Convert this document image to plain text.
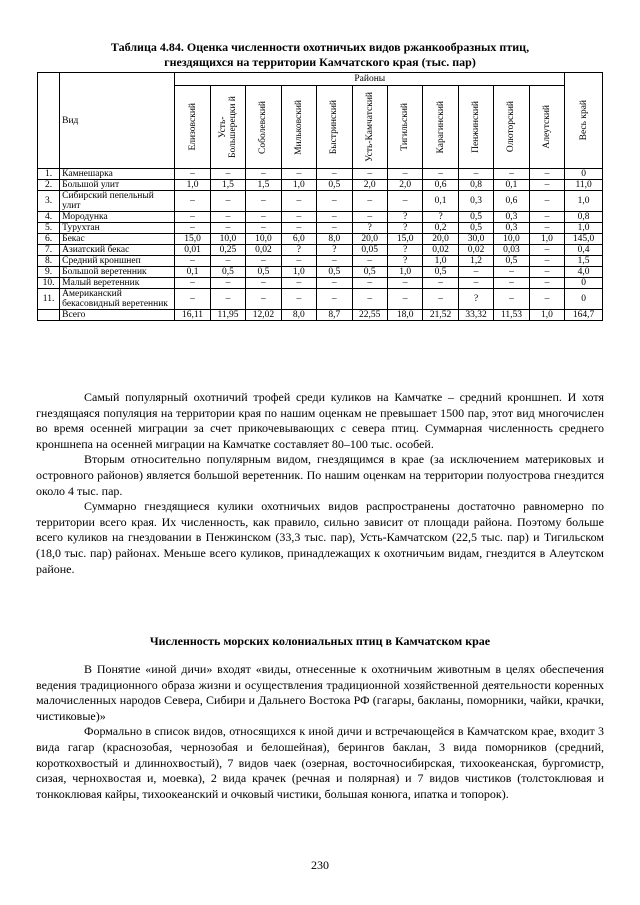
Таблица 4.84. Оценка численности охотничьих видов ржанкообразных птиц,
гнездящихся на территории Камчатского края (тыс. пар)
	Вид	Районы											Весь край

		Елизовский	Усть-Большерецки й	Соболевский	Мильковский	Быстринский	Усть-Камчатский	Тигильский	Карагинский	Пенжинский	Олюторский	Алеутский	

1.	Камнешарка	–	–	–	–	–	–	–	–	–	–	–	0
2.	Большой улит	1,0	1,5	1,5	1,0	0,5	2,0	2,0	0,6	0,8	0,1	–	11,0
3.	Сибирский пепельный улит	–	–	–	–	–	–	–	0,1	0,3	0,6	–	1,0
4.	Мородунка	–	–	–	–	–	–	?	?	0,5	0,3	–	0,8
5.	Турухтан	–	–	–	–	–	?	?	0,2	0,5	0,3	–	1,0
6.	Бекас	15,0	10,0	10,0	6,0	8,0	20,0	15,0	20,0	30,0	10,0	1,0	145,0
7.	Азиатский бекас	0,01	0,25	0,02	?	?	0,05	?	0,02	0,02	0,03	–	0,4
8.	Средний кроншнеп	–	–	–	–	–	–	?	1,0	1,2	0,5	–	1,5
9.	Большой веретенник	0,1	0,5	0,5	1,0	0,5	0,5	1,0	0,5	–	–	–	4,0
10.	Малый веретенник	–	–	–	–	–	–	–	–	–	–	–	0
11.	Американский бекасовидный веретенник	–	–	–	–	–	–	–	–	?	–	–	0
	Всего	16,11	11,95	12,02	8,0	8,7	22,55	18,0	21,52	33,32	11,53	1,0	164,7

Самый популярный охотничий трофей среди куликов на Камчатке – средний кроншнеп. И хотя гнездящаяся популяция на территории края по нашим оценкам не превышает 1500 пар, этот вид многочислен во время осенней миграции за счет прикочевывающих с севера птиц. Суммарная численность среднего кроншнепа на осенней миграции на Камчатке составляет 80–100 тыс. особей.

Вторым относительно популярным видом, гнездящимся в крае (за исключением материковых и островного районов) является большой веретенник. По нашим оценкам на территории полуострова гнездится около 4 тыс. пар.

Суммарно гнездящиеся кулики охотничьих видов распространены достаточно равномерно по территории всего края. Их численность, как правило, сильно зависит от площади района. Поэтому больше всего куликов на гнездовании в Пенжинском (33,3 тыс. пар), Усть-Камчатском (22,5 тыс. пар) и Тигильском (18,0 тыс. пар) районах. Меньше всего куликов, принадлежащих к охотничьим видам, гнездится в Алеутском районе.

Численность морских колониальных птиц в Камчатском крае

В Понятие «иной дичи» входят «виды, отнесенные к охотничьим животным в целях обеспечения ведения традиционного образа жизни и осуществления традиционной хозяйственной деятельности коренных малочисленных народов Севера, Сибири и Дальнего Востока РФ (гагары, бакланы, поморники, чайки, крачки, чистиковые)»

Формально в список видов, относящихся к иной дичи и встречающейся в Камчатском крае, входит 3 вида гагар (краснозобая, чернозобая и белошейная), берингов баклан, 3 вида поморников (средний, короткохвостый и длиннохвостый), 7 видов чаек (озерная, восточносибирская, тихоокеанская, бургомистр, сизая, чернохвостая и, моевка), 2 вида крачек (речная и полярная) и 7 видов чистиков (толстоклювая и тонкоклювая кайры, тихоокеанский и очковый чистики, большая конюга, ипатка и топорок).

230
